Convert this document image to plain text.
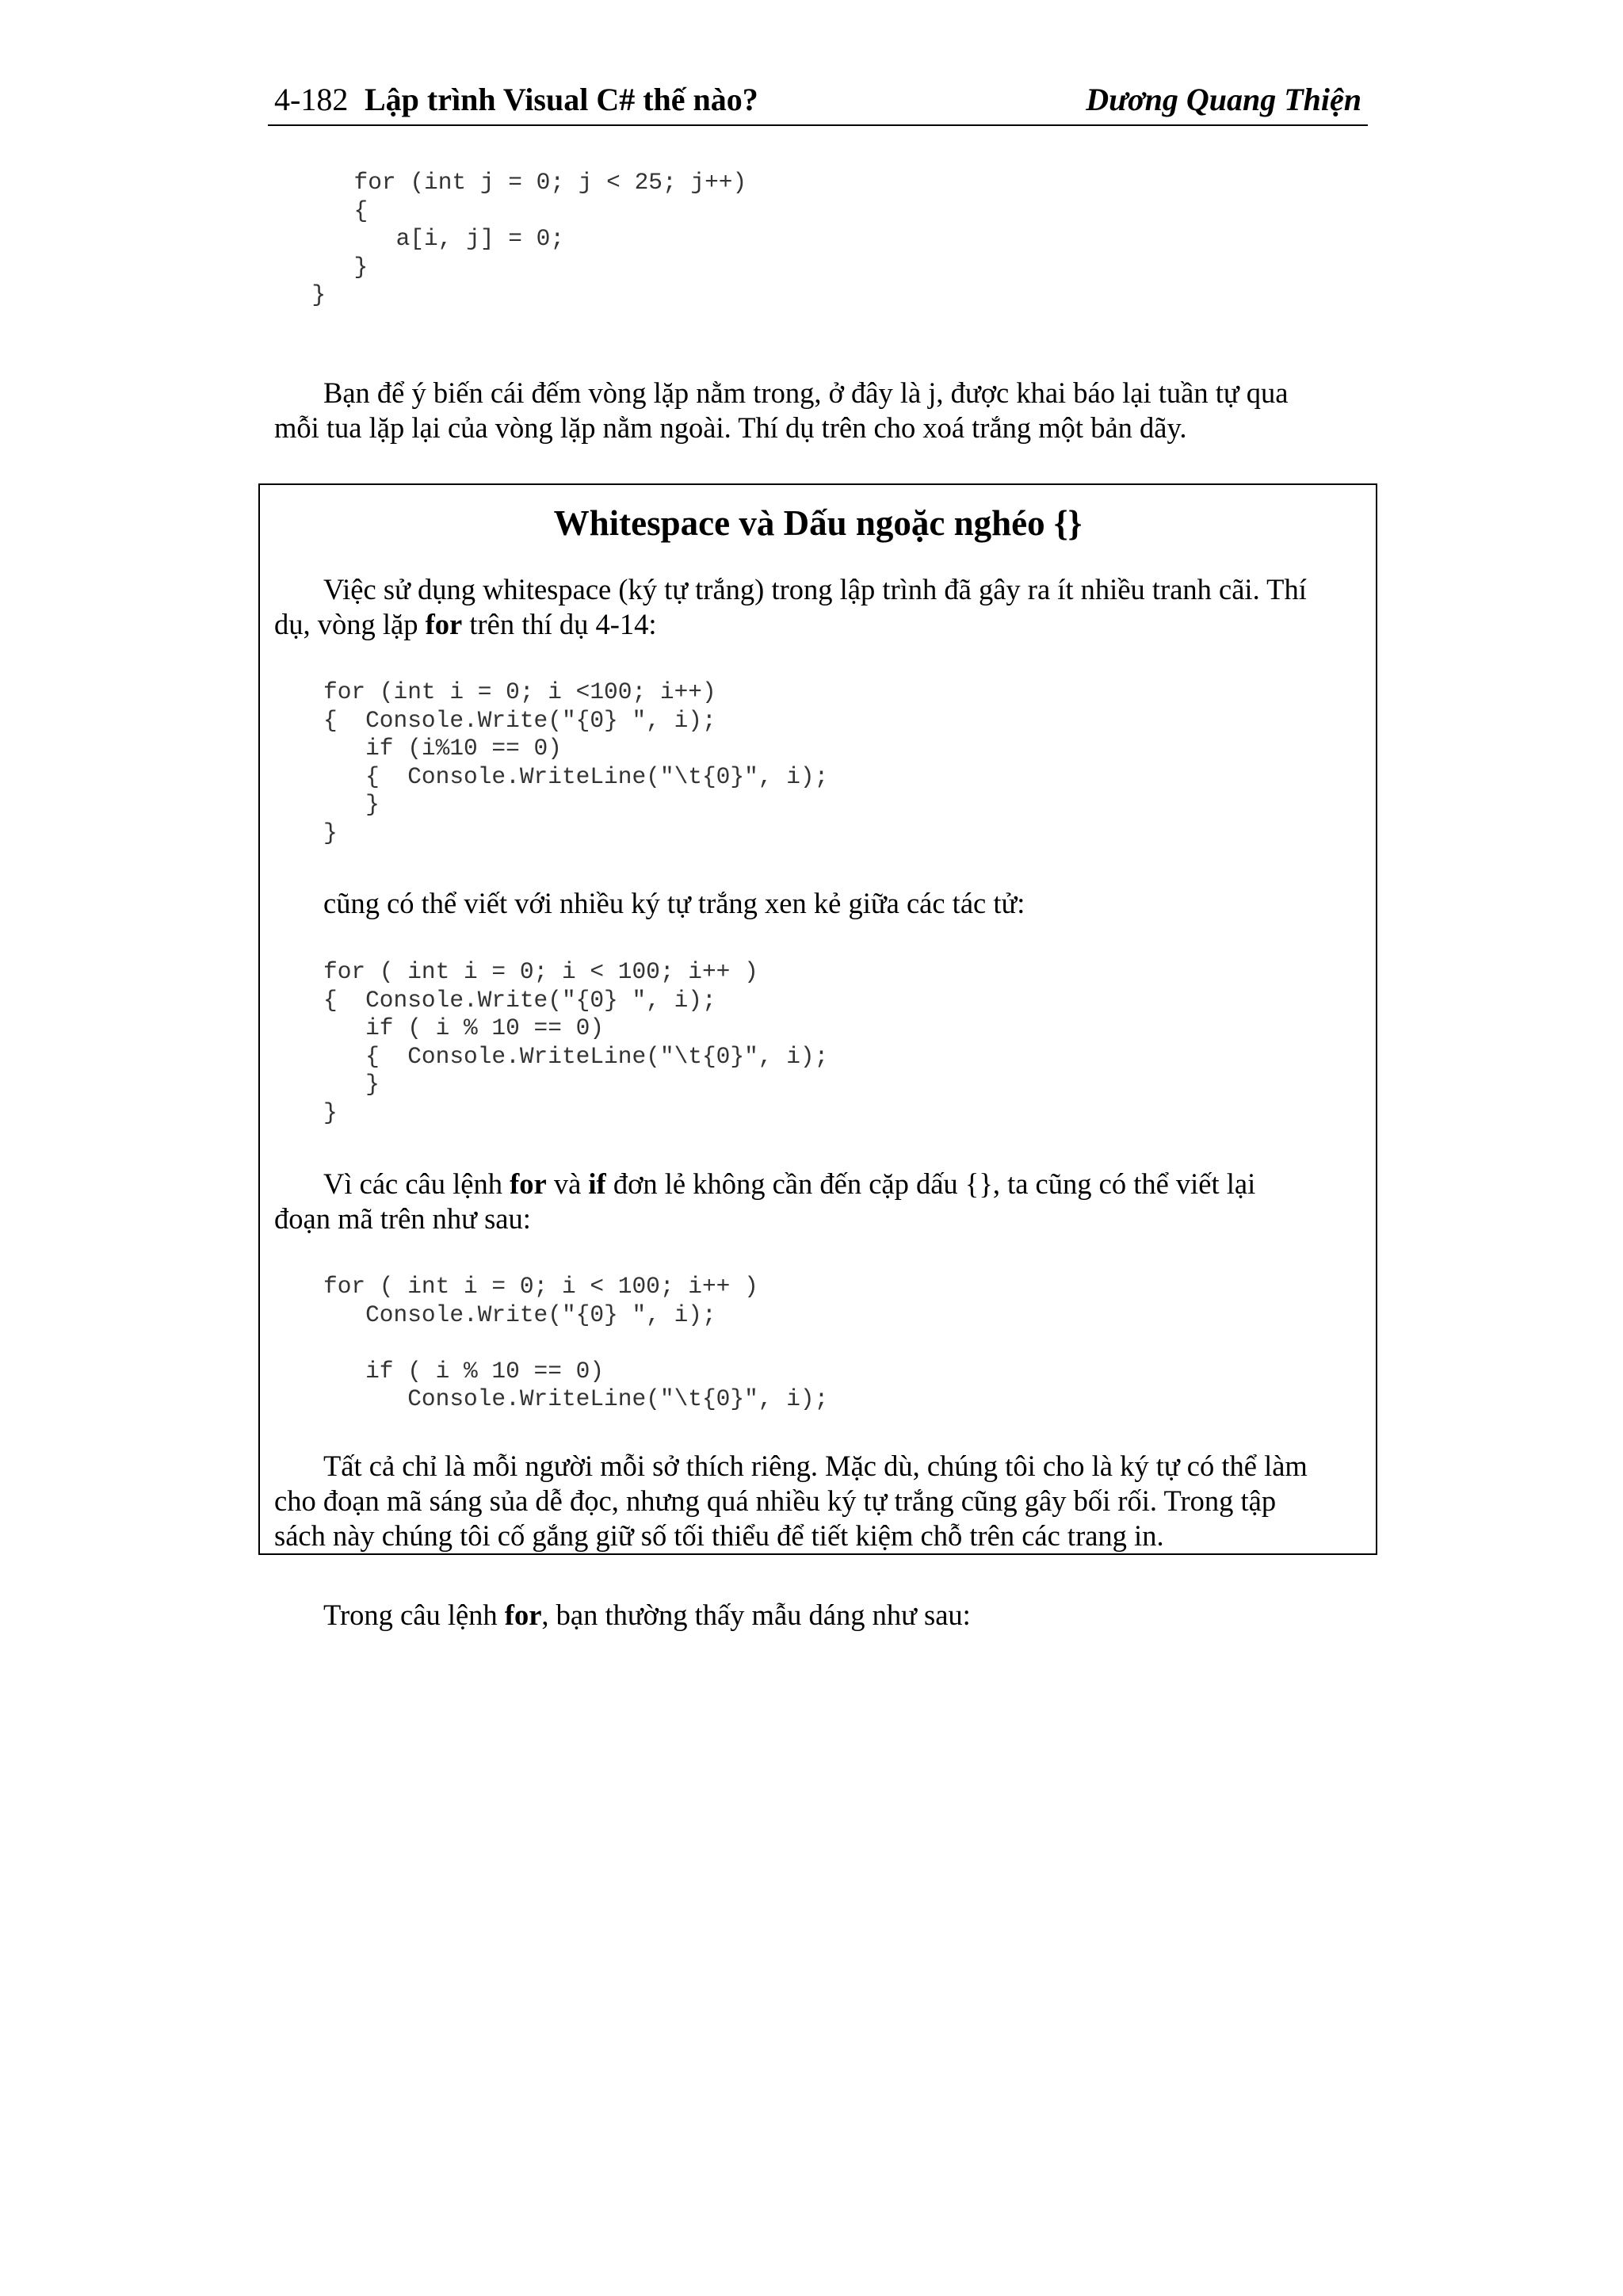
4-182 Lập trình Visual C# thế nào?	Dương Quang Thiện
for (int j = 0; j < 25; j++)
{
a[i, j] = 0;
}
}

Bạn để ý biến cái đếm vòng lặp nằm trong, ở đây là j, được khai báo lại tuần tự qua

mỗi tua lặp lại của vòng lặp nằm ngoài. Thí dụ trên cho xoá trắng một bản dãy.

Whitespace và Dấu ngoặc nghéo {}

Việc sử dụng whitespace (ký tự trắng) trong lập trình đã gây ra ít nhiều tranh cãi. Thí

dụ, vòng lặp for trên thí dụ 4-14:

for (int i = 0; i <100; i++)
{  Console.Write("{0} ", i);
if (i%10 == 0)
{  Console.WriteLine("\t{0}", i);
}
}

cũng có thể viết với nhiều ký tự trắng xen kẻ giữa các tác tử:

for ( int i = 0; i < 100; i++ )
{  Console.Write("{0} ", i);
if ( i % 10 == 0)
{  Console.WriteLine("\t{0}", i);
}
}

Vì các câu lệnh for và if đơn lẻ không cần đến cặp dấu {}, ta cũng có thể viết lại

đoạn mã trên như sau:

for ( int i = 0; i < 100; i++ )
Console.Write("{0} ", i);

if ( i % 10 == 0)
Console.WriteLine("\t{0}", i);

Tất cả chỉ là mỗi người mỗi sở thích riêng. Mặc dù, chúng tôi cho là ký tự có thể làm

cho đoạn mã sáng sủa dễ đọc, nhưng quá nhiều ký tự trắng cũng gây bối rối. Trong tập

sách này chúng tôi cố gắng giữ số tối thiểu để tiết kiệm chỗ trên các trang in.

Trong câu lệnh for, bạn thường thấy mẫu dáng như sau:
